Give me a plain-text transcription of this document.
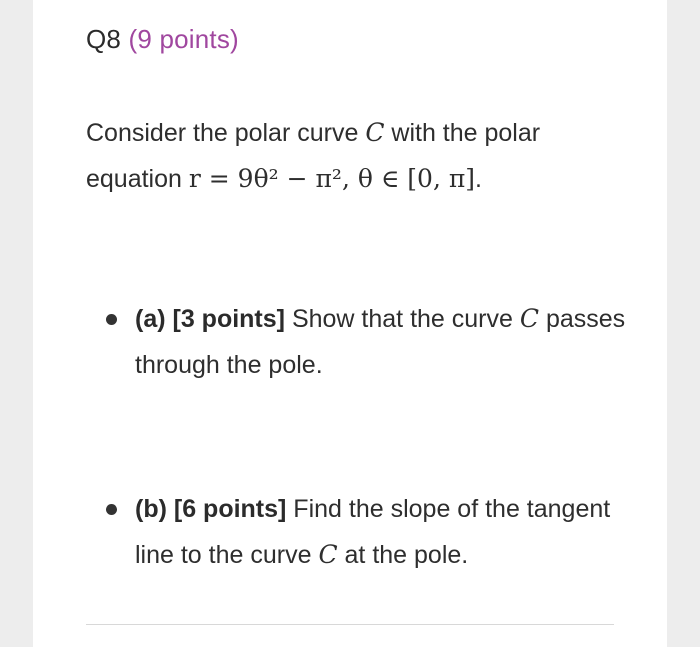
Q8 (9 points)
Consider the polar curve C with the polar equation r = 9θ² − π², θ ∈ [0, π].
(a) [3 points] Show that the curve C passes through the pole.
(b) [6 points] Find the slope of the tangent line to the curve C at the pole.
